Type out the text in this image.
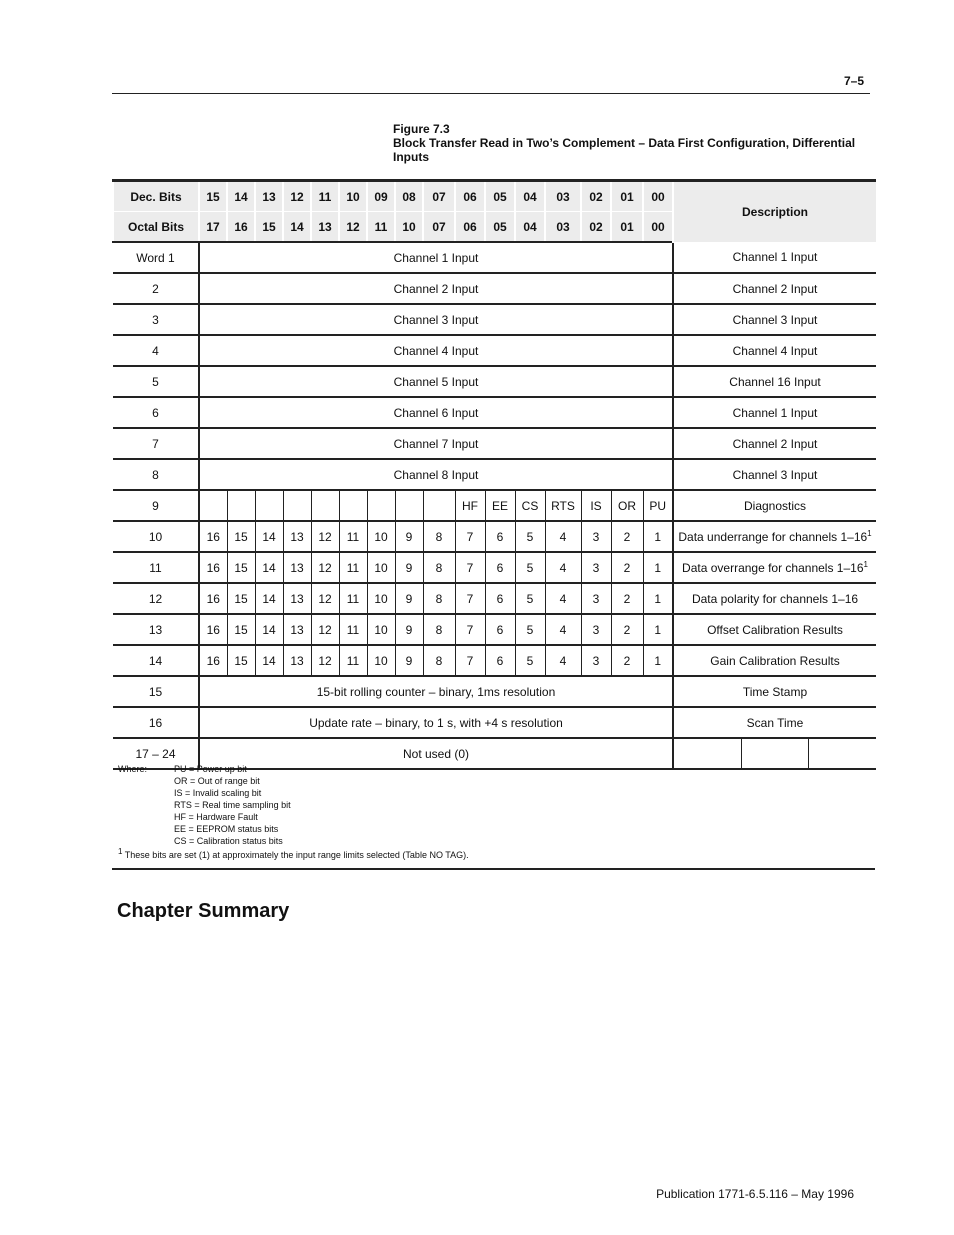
7–5
Figure 7.3
Block Transfer Read in Two’s Complement – Data First Configuration, Differential Inputs
Dec. Bits	15	14	13	12	11	10	09	08	07	06	05	04	03	02	01	00	Description
Octal Bits	17	16	15	14	13	12	11	10	07	06	05	04	03	02	01	00	
Word 1	Channel 1 Input																Channel 1 Input
2	Channel 2 Input																Channel 2 Input
3	Channel 3 Input																Channel 3 Input
4	Channel 4 Input																Channel 4 Input
5	Channel 5 Input																Channel 16 Input
6	Channel 6 Input																Channel 1 Input
7	Channel 7 Input																Channel 2 Input
8	Channel 8 Input																Channel 3 Input
9										HF	EE	CS	RTS	IS	OR	PU	Diagnostics
10	16	15	14	13	12	11	10	9	8	7	6	5	4	3	2	1	Data underrange for channels $1-16^1$
11	16	15	14	13	12	11	10	9	8	7	6	5	4	3	2	1	Data overrange for channels $1-16^1$
12	16	15	14	13	12	11	10	9	8	7	6	5	4	3	2	1	Data polarity for channels 1–16
13	16	15	14	13	12	11	10	9	8	7	6	5	4	3	2	1	Offset Calibration Results
14	16	15	14	13	12	11	10	9	8	7	6	5	4	3	2	1	Gain Calibration Results
15	15-bit rolling counter – binary, 1ms resolution																Time Stamp
16	Update rate – binary, to 1 s, with +4 s resolution																Scan Time
17 – 24	Not used (0)																
Where:	PU = Power up bit
OR = Out of range bit
IS = Invalid scaling bit
RTS = Real time sampling bit
HF = Hardware Fault
EE = EEPROM status bits
CS = Calibration status bits
$^1$ These bits are set (1) at approximately the input range limits selected (Table NO TAG).
Chapter Summary
Publication 1771-6.5.116 – May 1996
